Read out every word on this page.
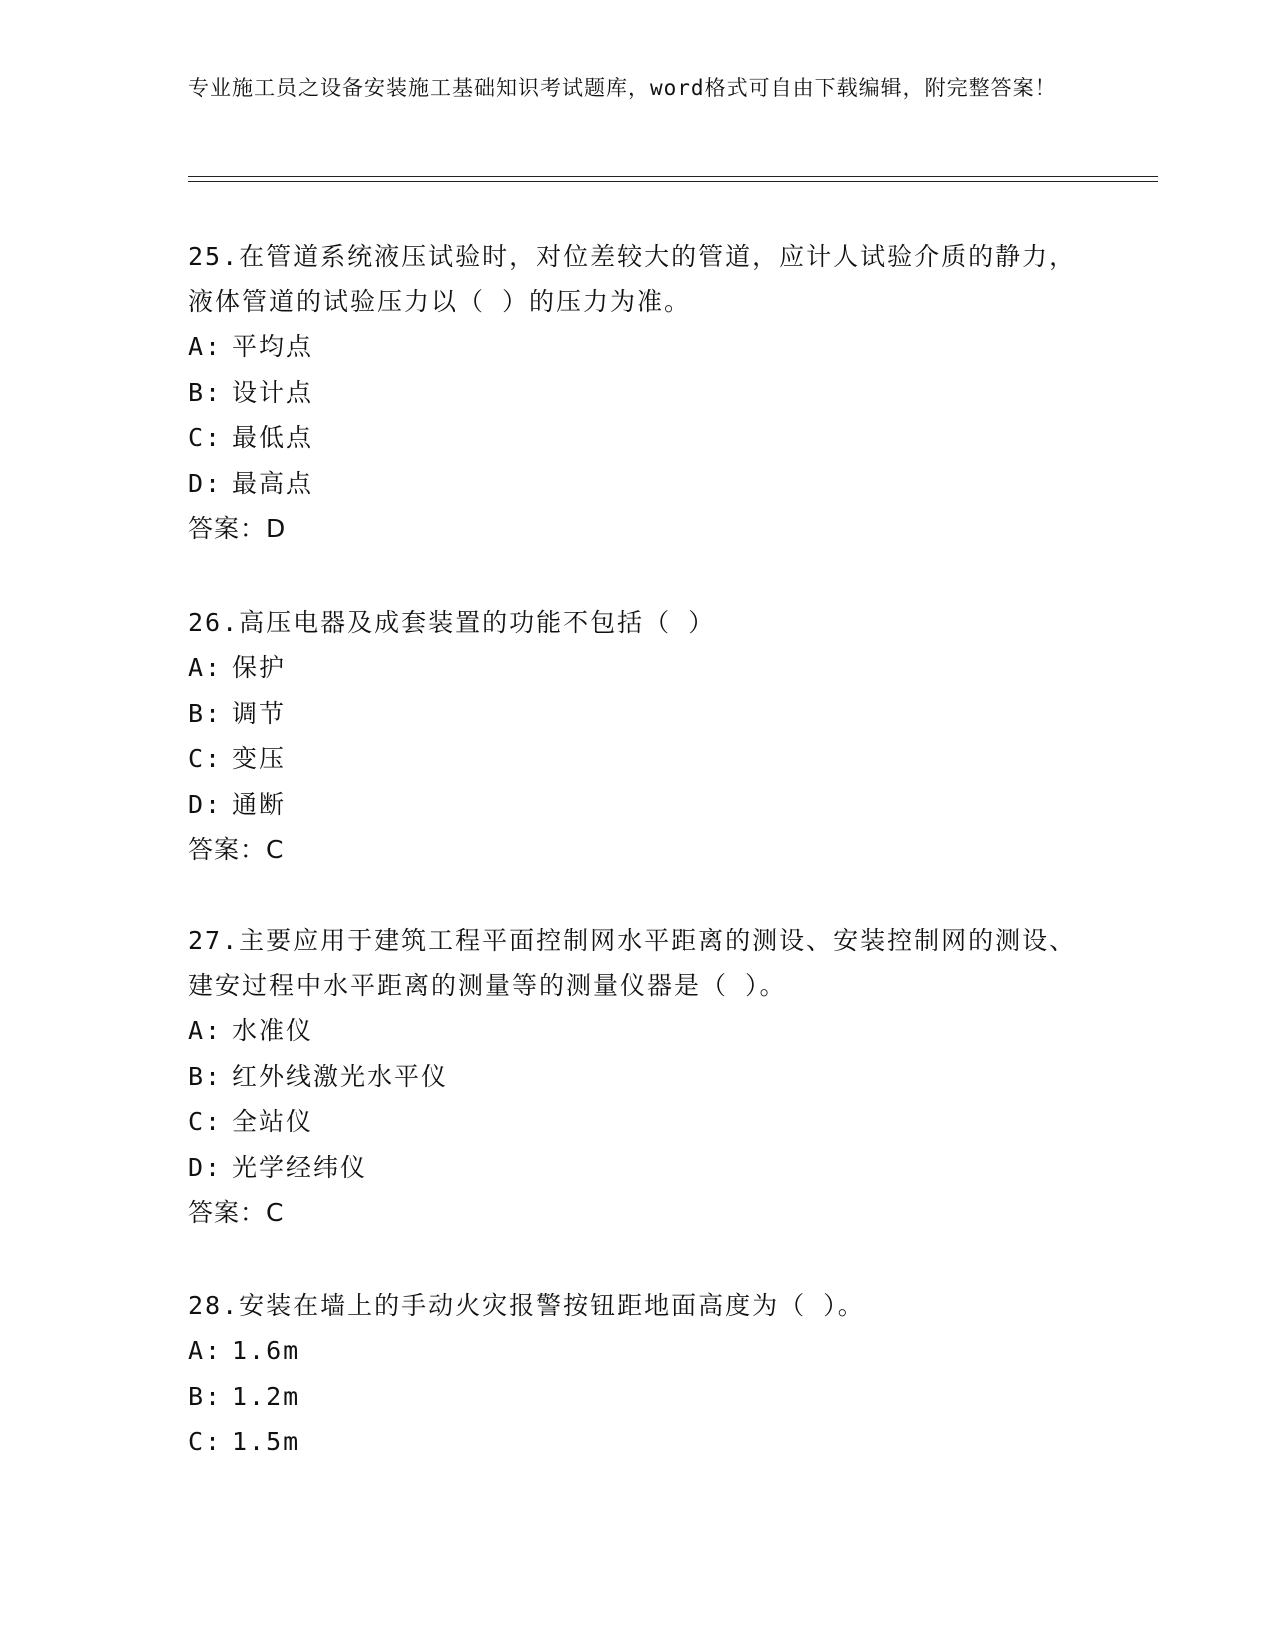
专业施工员之设备安装施工基础知识考试题库，word格式可自由下载编辑，附完整答案！

25.在管道系统液压试验时，对位差较大的管道，应计人试验介质的静力，液体管道的试验压力以（ ）的压力为准。

A: 平均点

B: 设计点

C: 最低点

D: 最高点

答案：D

26.高压电器及成套装置的功能不包括（ ）

A: 保护

B: 调节

C: 变压

D: 通断

答案：C

27.主要应用于建筑工程平面控制网水平距离的测设、安装控制网的测设、建安过程中水平距离的测量等的测量仪器是（ ）。

A: 水准仪

B: 红外线激光水平仪

C: 全站仪

D: 光学经纬仪

答案：C

28.安装在墙上的手动火灾报警按钮距地面高度为（ ）。

A: 1.6m

B: 1.2m

C: 1.5m
